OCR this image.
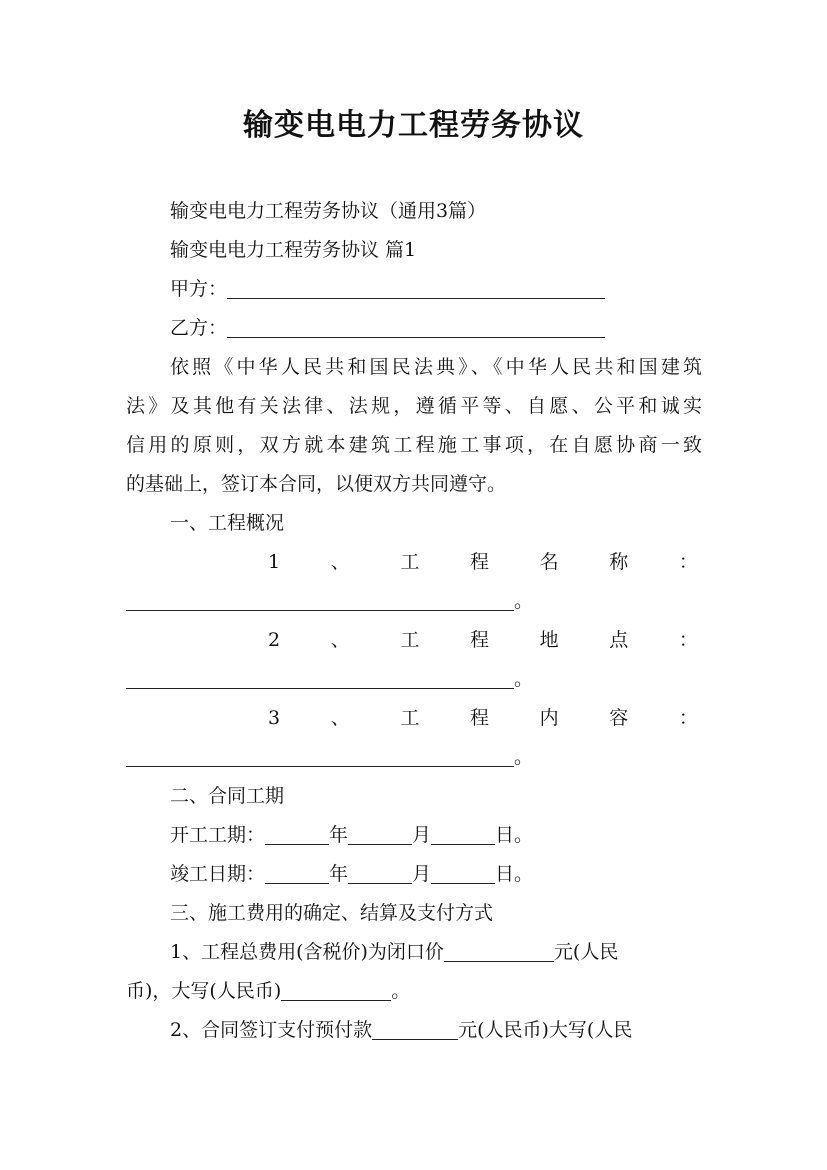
输变电电力工程劳务协议
输变电电力工程劳务协议（通用3篇）
输变电电力工程劳务协议 篇1
甲方：
乙方：
依照《中华人民共和国民法典》、《中华人民共和国建筑
法》及其他有关法律、法规，遵循平等、自愿、公平和诚实
信用的原则，双方就本建筑工程施工事项，在自愿协商一致
的基础上，签订本合同，以便双方共同遵守。
一、工程概况
1	、	工	程	名	称	：
。
2	、	工	程	地	点	：
。
3	、	工	程	内	容	：
。
二、合同工期
开工工期：	年	月	日。
竣工日期：	年	月	日。
三、施工费用的确定、结算及支付方式
1、工程总费用(含税价)为闭口价	元(人民
币)，大写(人民币)	。
2、合同签订支付预付款	元(人民币)大写(人民
